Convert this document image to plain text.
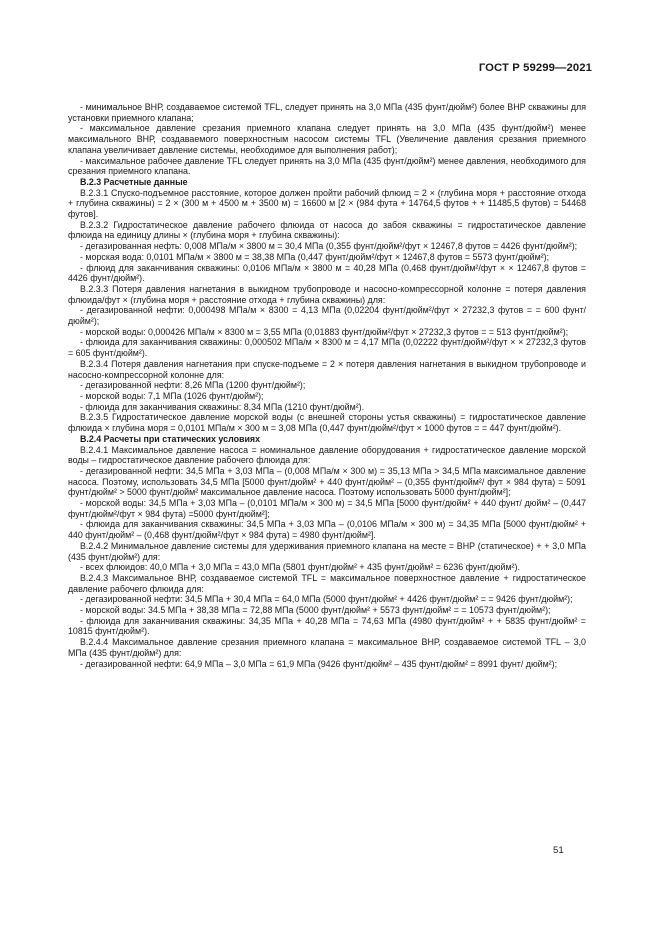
ГОСТ Р 59299—2021

- минимальное ВНР, создаваемое системой TFL, следует принять на 3,0 МПа (435 фунт/дюйм²) более ВНР скважины для установки приемного клапана;

- максимальное давление срезания приемного клапана следует принять на 3,0 МПа (435 фунт/дюйм²) менее максимального ВНР, создаваемого поверхностным насосом системы TFL (Увеличение давления срезания приемного клапана увеличивает давление системы, необходимое для выполнения работ);

- максимальное рабочее давление TFL следует принять на 3,0 МПа (435 фунт/дюйм²) менее давления, необходимого для срезания приемного клапана.

В.2.3 Расчетные данные

В.2.3.1 Спуско-подъемное расстояние, которое должен пройти рабочий флюид = 2 × (глубина моря + расстояние отхода + глубина скважины) = 2 × (300 м + 4500 м + 3500 м) = 16600 м [2 × (984 фута + 14764,5 футов + + 11485,5 футов) = 54468 футов].

В.2.3.2 Гидростатическое давление рабочего флюида от насоса до забоя скважины = гидростатическое давление флюида на единицу длины × (глубина моря + глубина скважины):

- дегазированная нефть: 0,008 МПа/м × 3800 м = 30,4 МПа (0,355 фунт/дюйм²/фут × 12467,8 футов = 4426 фунт/дюйм²);

- морская вода: 0,0101 МПа/м × 3800 м = 38,38 МПа (0,447 фунт/дюйм²/фут × 12467,8 футов = 5573 фунт/дюйм²);

- флюид для заканчивания скважины: 0,0106 МПа/м × 3800 м = 40,28 МПа (0,468 фунт/дюйм²/фут × × 12467,8 футов = 4426 фунт/дюйм²).

В.2.3.3 Потеря давления нагнетания в выкидном трубопроводе и насосно-компрессорной колонне = потеря давления флюида/фут × (глубина моря + расстояние отхода + глубина скважины) для:

- дегазированной нефти: 0,000498 МПа/м × 8300 = 4,13 МПа (0,02204 фунт/дюйм²/фут × 27232,3 футов = = 600 фунт/дюйм²);

- морской воды: 0,000426 МПа/м × 8300 м = 3,55 МПа (0,01883 фунт/дюйм²/фут × 27232,3 футов = = 513 фунт/дюйм²);

- флюида для заканчивания скважины: 0,000502 МПа/м × 8300 м = 4,17 МПа (0,02222 фунт/дюйм²/фут × × 27232,3 футов = 605 фунт/дюйм²).

В.2.3.4 Потеря давления нагнетания при спуске-подъеме = 2 × потеря давления нагнетания в выкидном трубопроводе и насосно-компрессорной колонне для:

- дегазированной нефти: 8,26 МПа (1200 фунт/дюйм²);

- морской воды: 7,1 МПа (1026 фунт/дюйм²);

- флюида для заканчивания скважины: 8,34 МПа (1210 фунт/дюйм²).

В.2.3.5 Гидростатическое давление морской воды (с внешней стороны устья скважины) = гидростатическое давление флюида × глубина моря = 0,0101 МПа/м × 300 м = 3,08 МПа (0,447 фунт/дюйм²/фут × 1000 футов = = 447 фунт/дюйм²).

В.2.4 Расчеты при статических условиях

В.2.4.1 Максимальное давление насоса = номинальное давление оборудования + гидростатическое давление морской воды – гидростатическое давление рабочего флюида для:

- дегазированной нефти: 34,5 МПа + 3,03 МПа – (0,008 МПа/м × 300 м) = 35,13 МПа > 34,5 МПа максимальное давление насоса. Поэтому, использовать 34,5 МПа [5000 фунт/дюйм² + 440 фунт/дюйм² – (0,355 фунт/дюйм²/ фут × 984 фута) = 5091 фунт/дюйм² > 5000 фунт/дюйм² максимальное давление насоса. Поэтому использовать 5000 фунт/дюйм²];

- морской воды: 34,5 МПа + 3,03 МПа – (0,0101 МПа/м × 300 м) = 34,5 МПа [5000 фунт/дюйм² + 440 фунт/ дюйм² – (0,447 фунт/дюйм²/фут × 984 фута) =5000 фунт/дюйм²];

- флюида для заканчивания скважины: 34,5 МПа + 3,03 МПа – (0,0106 МПа/м × 300 м) = 34,35 МПа [5000 фунт/дюйм² + 440 фунт/дюйм² – (0,468 фунт/дюйм²/фут × 984 фута) = 4980 фунт/дюйм²].

В.2.4.2 Минимальное давление системы для удерживания приемного клапана на месте = ВНР (статическое) + + 3,0 МПа (435 фунт/дюйм²) для:

- всех флюидов: 40,0 МПа + 3,0 МПа = 43,0 МПа (5801 фунт/дюйм² + 435 фунт/дюйм² = 6236 фунт/дюйм²).

В.2.4.3 Максимальное ВНР, создаваемое системой TFL = максимальное поверхностное давление + гидростатическое давление рабочего флюида для:

- дегазированной нефти: 34,5 МПа + 30,4 МПа = 64,0 МПа (5000 фунт/дюйм² + 4426 фунт/дюйм² = = 9426 фунт/дюйм²);

- морской воды: 34.5 МПа + 38,38 МПа = 72,88 МПа (5000 фунт/дюйм² + 5573 фунт/дюйм² = = 10573 фунт/дюйм²);

- флюида для заканчивания скважины: 34,35 МПа + 40,28 МПа = 74,63 МПа (4980 фунт/дюйм² + + 5835 фунт/дюйм² = 10815 фунт/дюйм²).

В.2.4.4 Максимальное давление срезания приемного клапана = максимальное ВНР, создаваемое системой TFL – 3,0 МПа (435 фунт/дюйм²) для:

- дегазированной нефти: 64,9 МПа – 3,0 МПа = 61,9 МПа (9426 фунт/дюйм² – 435 фунт/дюйм² = 8991 фунт/ дюйм²);

51
